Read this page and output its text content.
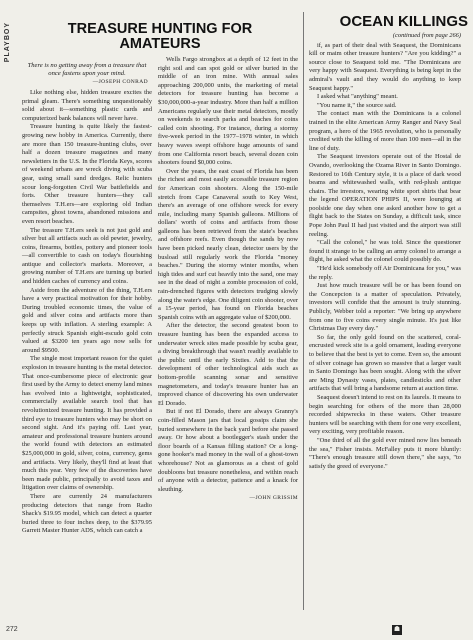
PLAYBOY	TREASURE HUNTING FOR AMATEURS
There is no getting away from a treasure that once fastens upon your mind.
—JOSEPH CONRAD

Like nothing else, hidden treasure excites the primal gleam. There's something unquestionably solid about it—something plastic cards and computerized bank balances will never have.

Treasure hunting is quite likely the fastest-growing new hobby in America. Currently, there are more than 150 treasure-hunting clubs, over half a dozen treasure magazines and many newsletters in the U.S. In the Florida Keys, scores of weekend urbans are wreck diving with scuba gear, using small sand dredges. Relic hunters scour long-forgotten Civil War battlefields and forts. Other treasure hunters—they call themselves T.H.ers—are exploring old Indian campsites, ghost towns, abandoned missions and even resort beaches.

The treasure T.H.ers seek is not just gold and silver but all artifacts such as old pewter, jewelry, coins, firearms, bottles, pottery and pioneer tools—all convertible to cash on today's flourishing antique and collector's markets. Moreover, a growing number of T.H.ers are turning up buried and hidden caches of currency and coins.

Aside from the adventure of the thing, T.H.ers have a very practical motivation for their hobby. During troubled economic times, the value of gold and silver coins and artifacts more than keeps up with inflation. A sterling example: A perfectly struck Spanish eight-escudo gold coin valued at $3200 ten years ago now sells for around $9500.

The single most important reason for the quiet explosion in treasure hunting is the metal detector. That once-cumbersome piece of electronic gear first used by the Army to detect enemy land mines has evolved into a lightweight, sophisticated, commercially available search tool that has revolutionized treasure hunting. It has provided a third eye to treasure hunters who may be short on second sight. And it's paying off. Last year, amateur and professional treasure hunters around the world found with detectors an estimated $25,000,000 in gold, silver, coins, currency, gems and artifacts. Very likely, they'll find at least that much this year. Very few of the discoveries have been made public, principally to avoid taxes and litigation over claims of ownership.

There are currently 24 manufacturers producing detectors that range from Radio Shack's $19.95 model, which can detect a quarter buried three to four inches deep, to the $379.95 Garrett Master Hunter ADS, which can catch a

Wells Fargo strongbox at a depth of 12 feet in the right soil and can spot gold or silver buried in the middle of an iron mine. With annual sales approaching 200,000 units, the marketing of metal detectors for treasure hunting has become a $30,000,000-a-year industry. More than half a million Americans regularly use their metal detectors, mostly on weekends to search parks and beaches for coins called coin shooting. For instance, during a stormy five-week period in the 1977–1978 winter, in which heavy waves swept offshore huge amounts of sand from one California resort beach, several dozen coin shooters found $0,000 coins.

Over the years, the east coast of Florida has been the richest and most easily accessible treasure region for American coin shooters. Along the 150-mile stretch from Cape Canaveral south to Key West, there's an average of one offshore wreck for every mile, including many Spanish galleons. Millions of dollars' worth of coins and artifacts from those galleons has been retrieved from the state's beaches and offshore reefs. Even though the sands by now have been picked nearly clean, detector users by the busload still regularly work the Florida "money beaches." During the stormy winter months, when high tides and surf cut heavily into the sand, one may see in the dead of night a zombie procession of cold, rain-drenched figures with detectors trudging slowly along the water's edge. One diligent coin shooter, over a 15-year period, has found on Florida beaches Spanish coins with an aggregate value of $200,000.

After the detector, the second greatest boon to treasure hunting has been the expanded access to underwater wreck sites made possible by scuba gear, a diving breakthrough that wasn't readily available to the public until the early Sixties. Add to that the development of other technological aids such as bottom-profile scanning sonar and sensitive magnetometers, and today's treasure hunter has an improved chance of discovering his own underwater El Dorado.

But if not El Dorado, there are always Granny's coin-filled Mason jars that local gossips claim she buried somewhere in the back yard before she passed away. Or how about a bootlegger's stash under the floor boards of a Kansas filling station? Or a long-gone hooker's mad money in the wall of a ghost-town whorehouse? Not as glamorous as a chest of gold doubloons but treasure nonetheless, and within reach of anyone with a detector, patience and a knack for sleuthing.

—JOHN GRISSIM
OCEAN KILLINGS
(continued from page 266)

if, as part of their deal with Seaquest, the Dominicans kill or maim other treasure hunters? "Are you kidding?" a source close to Seaquest told me. "The Dominicans are very happy with Seaquest. Everything is being kept in the admiral's vault and they would do anything to keep Seaquest happy."

I asked what "anything" meant.

"You name it," the source said.

The contact man with the Dominicans is a colonel trained in the elite American Army Ranger and Navy Seal program, a hero of the 1965 revolution, who is personally credited with the killing of more than 100 men—all in the line of duty.

The Seaquest investors operate out of the Hostal de Ovando, overlooking the Ozama River in Santo Domingo. Restored to 16th Century style, it is a place of dark wood beams and whitewashed walls, with red-plush antique chairs. The investors, wearing white sport shirts that bear the legend OPERATION PHIPS II, were lounging at poolside one day when one asked another how to get a flight back to the States on Sunday, a difficult task, since Pope John Paul II had just visited and the airport was still reeling.

"Call the colonel," he was told. Since the questioner found it strange to be calling an army colonel to arrange a flight, he asked what the colonel could possibly do.

"He'd kick somebody off Air Dominicana for you," was the reply.

Just how much treasure will be or has been found on the Concepcion is a matter of speculation. Privately, investors will confide that the amount is truly stunning. Publicly, Webber told a reporter: "We bring up anywhere from one to five coins every single minute. It's just like Christmas Day every day."

So far, the only gold found on the scattered, coral-encrusted wreck site is a gold ornament, leading everyone to believe that the best is yet to come. Even so, the amount of silver coinage has grown so massive that a larger vault in Santo Domingo has been sought. Along with the silver are Ming Dynasty vases, plates, candlesticks and other artifacts that will bring a handsome return at auction time.

Seaquest doesn't intend to rest on its laurels. It means to begin searching for others of the more than 28,000 recorded shipwrecks in these waters. Other treasure hunters will be searching with them for one very excellent, very exciting, very profitable reason.

"One third of all the gold ever mined now lies beneath the sea," Fisher insists. McFalley puts it more bluntly: "There's enough treasure still down there," she says, "to satisfy the greed of everyone."

272	☗
